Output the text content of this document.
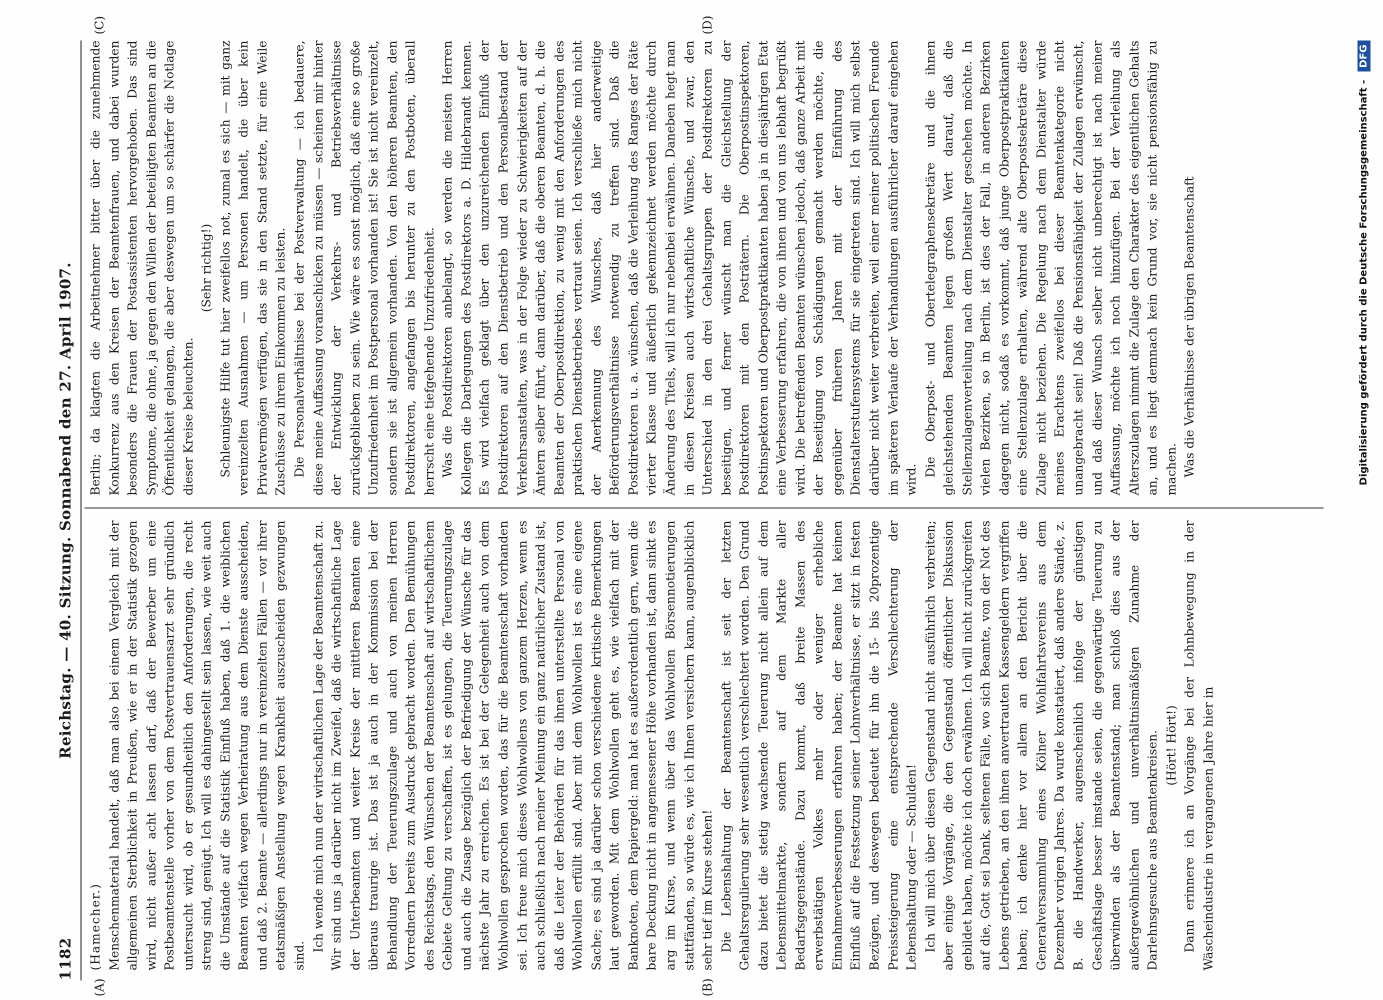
1182
Reichstag. — 40. Sitzung. Sonnabend den 27. April 1907.
(A)	(B)
(C)	(D)

(Hamecher.) Menschenmaterial handelt, daß man also bei einem Vergleich mit der allgemeinen Sterblichkeit in Preußen, wie er in der Statistik gezogen wird, nicht außer acht lassen darf, daß der Bewerber um eine Postbeamtenstelle vorher von dem Postvertrauensarzt sehr gründlich untersucht wird, ob er gesundheitlich den Anforderungen, die recht streng sind, genügt. Ich will es dahingestellt sein lassen, wie weit auch die Umstände auf die Statistik Einfluß haben, daß 1. die weiblichen Beamten vielfach wegen Verheiratung aus dem Dienste ausscheiden, und daß 2. Beamte — allerdings nur in vereinzelten Fällen — vor ihrer etatsmäßigen Anstellung wegen Krankheit auszuscheiden gezwungen sind.

Ich wende mich nun der wirtschaftlichen Lage der Beamtenschaft zu. Wir sind uns ja darüber nicht im Zweifel, daß die wirtschaftliche Lage der Unterbeamten und weiter Kreise der mittleren Beamten eine überaus traurige ist. Das ist ja auch in der Kommission bei der Behandlung der Teuerungszulage und auch von meinen Herren Vorrednern bereits zum Ausdruck gebracht worden. Den Bemühungen des Reichstags, den Wünschen der Beamtenschaft auf wirtschaftlichem Gebiete Geltung zu verschaffen, ist es gelungen, die Teuerungszulage und auch die Zusage bezüglich der Befriedigung der Wünsche für das nächste Jahr zu erreichen. Es ist bei der Gelegenheit auch von dem Wohlwollen gesprochen worden, das für die Beamtenschaft vorhanden sei. Ich freue mich dieses Wohlwollens von ganzem Herzen, wenn es auch schließlich nach meiner Meinung ein ganz natürlicher Zustand ist, daß die Leiter der Behörden für das ihnen unterstellte Personal von Wohlwollen erfüllt sind. Aber mit dem Wohlwollen ist es eine eigene Sache; es sind ja darüber schon verschiedene kritische Bemerkungen laut geworden. Mit dem Wohlwollen geht es, wie vielfach mit der Banknoten, dem Papiergeld: man hat es außerordentlich gern, wenn die bare Deckung nicht in angemessener Höhe vorhanden ist, dann sinkt es arg im Kurse, und wenn über das Wohlwollen Börsennotierungen stattfänden, so würde es, wie ich Ihnen versichern kann, augenblicklich sehr tief im Kurse stehen! Die Lebenshaltung der Beamtenschaft ist seit der letzten Gehaltsregulierung sehr wesentlich verschlechtert worden. Den Grund dazu bietet die stetig wachsende Teuerung nicht allein auf dem Lebensmittelmarkte, sondern auf dem Markte aller Bedarfsgegenstände. Dazu kommt, daß breite Massen des erwerbstätigen Volkes mehr oder weniger erhebliche Einnahmeverbesserungen erfahren haben; der Beamte hat keinen Einfluß auf die Festsetzung seiner Lohnverhältnisse, er sitzt in festen Bezügen, und deswegen bedeutet für ihn die 15- bis 20prozentige Preissteigerung eine entsprechende Verschlechterung der Lebenshaltung oder — Schulden! Ich will mich über diesen Gegenstand nicht ausführlich verbreiten; aber einige Vorgänge, die den Gegenstand öffentlicher Diskussion gebildet haben, möchte ich doch erwähnen. Ich will nicht zurückgreifen auf die, Gott sei Dank, seltenen Fälle, wo sich Beamte, von der Not des Lebens getrieben, an den ihnen anvertrauten Kassengeldern vergriffen haben; ich denke hier vor allem an den Bericht über die Generalversammlung eines Kölner Wohlfahrtsvereins aus dem Dezember vorigen Jahres. Da wurde konstatiert, daß andere Stände, z. B. die Handwerker, augenscheinlich infolge der günstigen Geschäftslage besser imstande seien, die gegenwärtige Teuerung zu überwinden als der Beamtenstand; man schloß dies aus der außergewöhnlichen und unverhältnismäßigen Zunahme der Darlehnsgesuche aus Beamtenkreisen. (Hört! Hört!) Dann erinnere ich an Vorgänge bei der Lohnbewegung in der Wäscheindustrie in vergangenen Jahre hier in

Berlin; da klagten die Arbeitnehmer bitter über die zunehmende Konkurrenz aus den Kreisen der Beamtenfrauen, und dabei wurden besonders die Frauen der Postassistenten hervorgehoben. Das sind Symptome, die ohne, ja gegen den Willen der beteiligten Beamten an die Öffentlichkeit gelangen, die aber deswegen um so schärfer die Notlage dieser Kreise beleuchten.

(Sehr richtig!) Schleunigste Hilfe tut hier zweifellos not, zumal es sich — mit ganz vereinzelten Ausnahmen — um Personen handelt, die über kein Privatvermögen verfügen, das sie in den Stand setzte, für eine Weile Zuschüsse zu ihrem Einkommen zu leisten. Die Personalverhältnisse bei der Postverwaltung — ich bedauere, diese meine Auffassung voranschicken zu müssen — scheinen mir hinter der Entwicklung der Verkehrs- und Betriebsverhältnisse zurückgeblieben zu sein. Wie wäre es sonst möglich, daß eine so große Unzufriedenheit im Postpersonal vorhanden ist! Sie ist nicht vereinzelt, sondern sie ist allgemein vorhanden. Von den höheren Beamten, den Postdirektoren, angefangen bis herunter zu den Postboten, überall herrscht eine tiefgehende Unzufriedenheit. Was die Postdirektoren anbelangt, so werden die meisten Herren Kollegen die Darlegungen des Postdirektors a. D. Hildebrandt kennen. Es wird vielfach geklagt über den unzureichenden Einfluß der Postdirektoren auf den Dienstbetrieb und den Personalbestand der Verkehrsanstalten, was in der Folge wieder zu Schwierigkeiten auf der Ämtern selber führt, dann darüber, daß die oberen Beamten, d. h. die Beamten der Oberpostdirektion, zu wenig mit den Anforderungen des praktischen Dienstbetriebes vertraut seien. Ich verschließe mich nicht der Anerkennung des Wunsches, daß hier anderweitige Beförderungsverhältnisse notwendig zu treffen sind. Daß die Postdirektoren u. a. wünschen, daß die Verleihung des Ranges der Räte vierter Klasse und äußerlich gekennzeichnet werden möchte durch Änderung des Titels, will ich nur nebenbei erwähnen. Daneben hegt man in diesen Kreisen auch wirtschaftliche Wünsche, und zwar, den Unterschied in den drei Gehaltsgruppen der Postdirektoren zu beseitigen, und ferner wünscht man die Gleichstellung der Postdirektoren mit den Posträtern. Die Oberpostinspektoren, Postinspektoren und Oberpostpraktikanten haben ja in diesjährigen Etat eine Verbesserung erfahren, die von ihnen und von uns lebhaft begrüßt wird. Die betreffenden Beamten wünschen jedoch, daß ganze Arbeit mit der Beseitigung von Schädigungen gemacht werden möchte, die gegenüber früheren Jahren mit der Einführung des Dienstalterstufensystems für sie eingetreten sind. Ich will mich selbst darüber nicht weiter verbreiten, weil einer meiner politischen Freunde im späteren Verlaufe der Verhandlungen ausführlicher darauf eingehen wird.

Die Oberpost- und Obertelegraphensekretäre und die ihnen gleichstehenden Beamten legen großen Wert darauf, daß die Stellenzulagenverteilung nach dem Dienstalter geschehen möchte. In vielen Bezirken, so in Berlin, ist dies der Fall, in anderen Bezirken dagegen nicht, sodaß es vorkommt, daß junge Oberpostpraktikanten eine Stellenzulage erhalten, während alte Oberpostsekretäre diese Zulage nicht beziehen. Die Regelung nach dem Dienstalter würde meines Erachtens zweifellos bei dieser Beamtenkategorie nicht unangebracht sein! Daß die Pensionsfähigkeit der Zulagen erwünscht, und daß dieser Wunsch selber nicht unberechtigt ist nach meiner Auffassung, möchte ich noch hinzufügen. Bei der Verleihung als Alterszulagen nimmt die Zulage den Charakter des eigentlichen Gehalts an, und es liegt demnach kein Grund vor, sie nicht pensionsfähig zu machen. Was die Verhältnisse der übrigen Beamtenschaft	Digitalisierung gefördert durch die Deutsche Forschungsgemeinschaft -DFG
